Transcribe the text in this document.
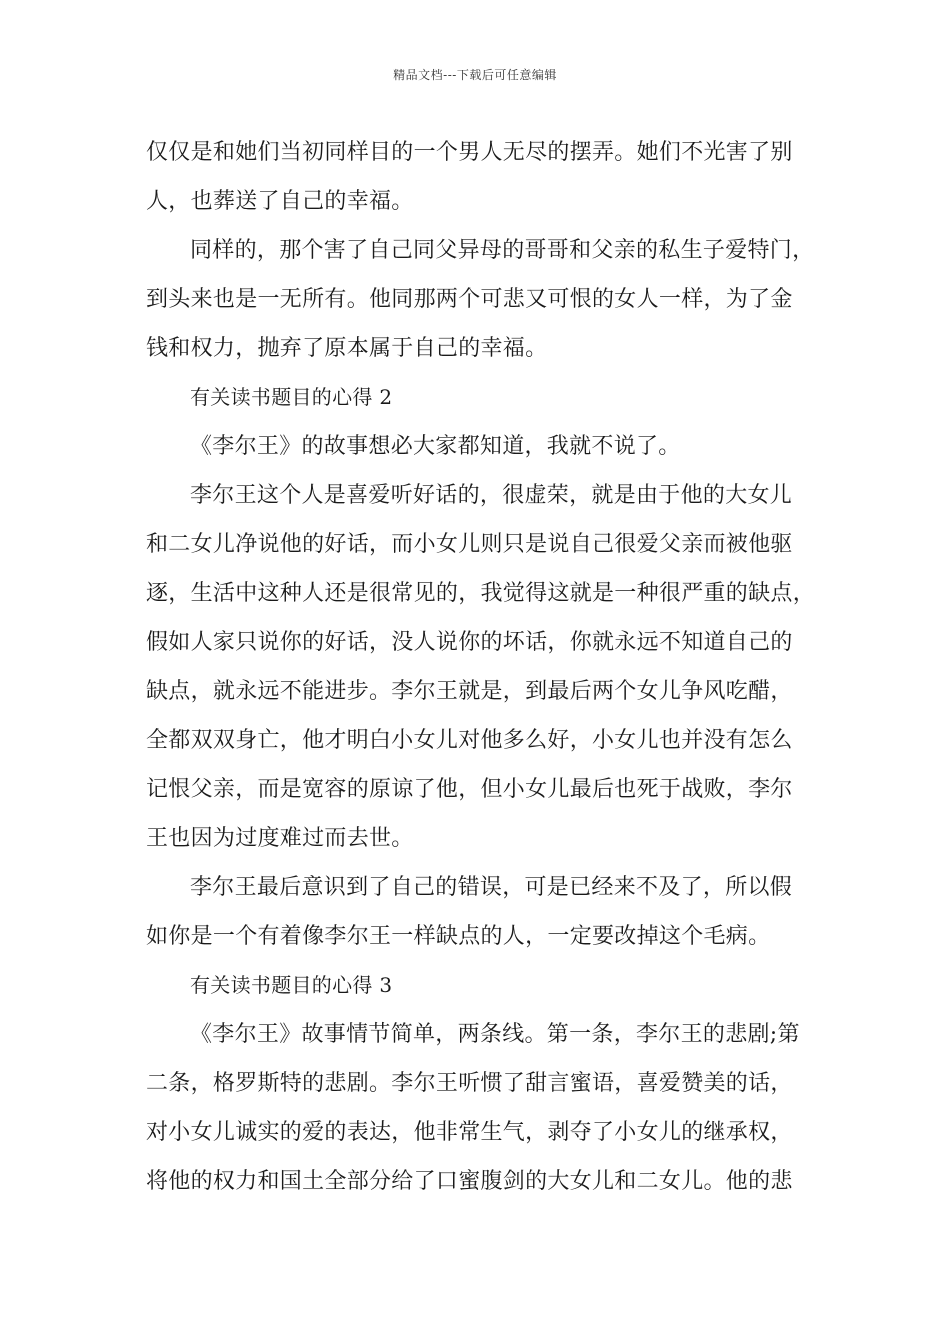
精品文档---下载后可任意编辑
仅仅是和她们当初同样目的一个男人无尽的摆弄。她们不光害了别
人，也葬送了自己的幸福。
同样的，那个害了自己同父异母的哥哥和父亲的私生子爱特门，
到头来也是一无所有。他同那两个可悲又可恨的女人一样，为了金
钱和权力，抛弃了原本属于自己的幸福。
有关读书题目的心得 2
《李尔王》的故事想必大家都知道，我就不说了。
李尔王这个人是喜爱听好话的，很虚荣，就是由于他的大女儿
和二女儿净说他的好话，而小女儿则只是说自己很爱父亲而被他驱
逐，生活中这种人还是很常见的，我觉得这就是一种很严重的缺点，
假如人家只说你的好话，没人说你的坏话，你就永远不知道自己的
缺点，就永远不能进步。李尔王就是，到最后两个女儿争风吃醋，
全都双双身亡，他才明白小女儿对他多么好，小女儿也并没有怎么
记恨父亲，而是宽容的原谅了他，但小女儿最后也死于战败，李尔
王也因为过度难过而去世。
李尔王最后意识到了自己的错误，可是已经来不及了，所以假
如你是一个有着像李尔王一样缺点的人，一定要改掉这个毛病。
有关读书题目的心得 3
《李尔王》故事情节简单，两条线。第一条，李尔王的悲剧;第
二条，格罗斯特的悲剧。李尔王听惯了甜言蜜语，喜爱赞美的话，
对小女儿诚实的爱的表达，他非常生气，剥夺了小女儿的继承权，
将他的权力和国土全部分给了口蜜腹剑的大女儿和二女儿。他的悲
